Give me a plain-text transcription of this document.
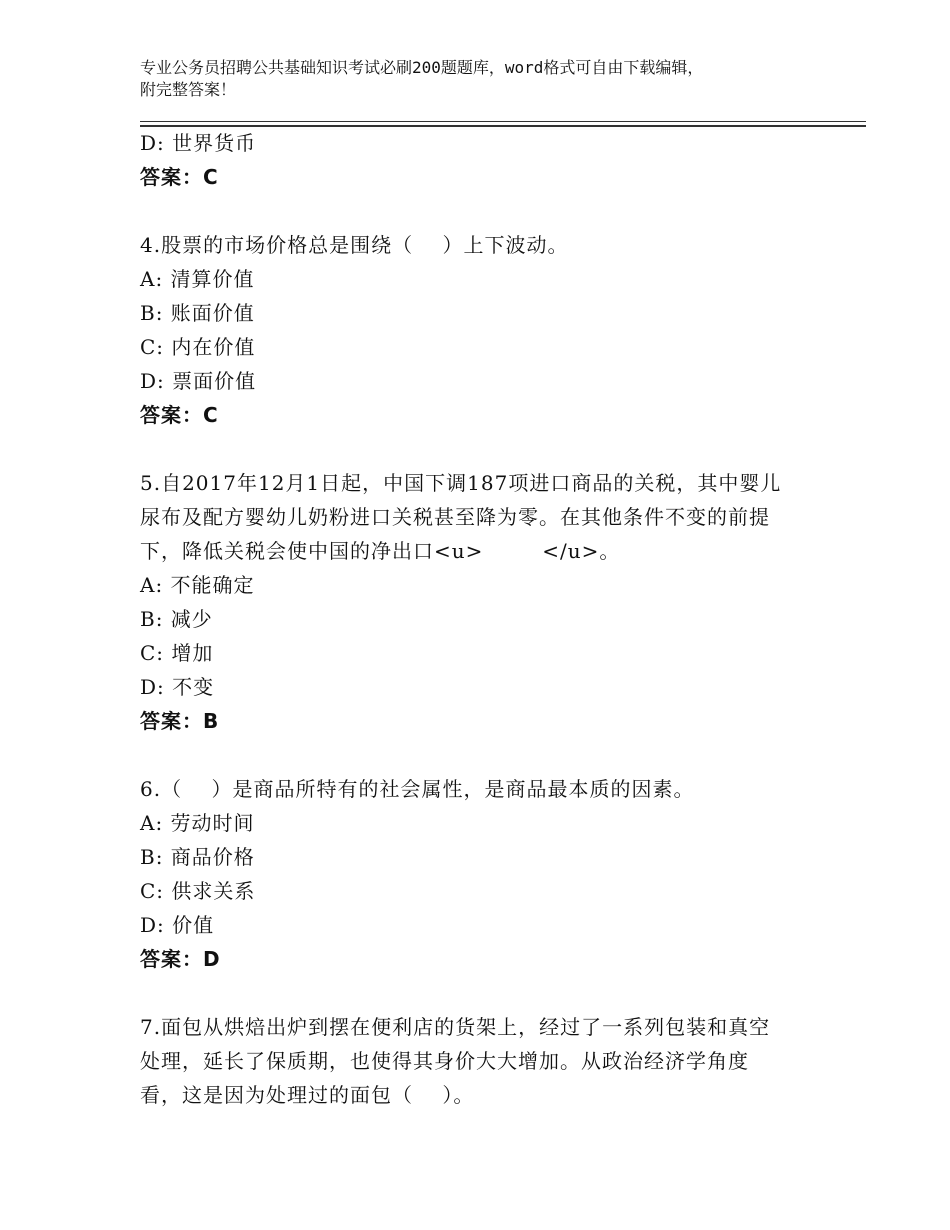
专业公务员招聘公共基础知识考试必刷200题题库，word格式可自由下载编辑，
附完整答案！
D: 世界货币
答案：C
4.股票的市场价格总是围绕（    ）上下波动。
A: 清算价值
B: 账面价值
C: 内在价值
D: 票面价值
答案：C
5.自2017年12月1日起，中国下调187项进口商品的关税，其中婴儿
尿布及配方婴幼儿奶粉进口关税甚至降为零。在其他条件不变的前提
下，降低关税会使中国的净出口<u>        </u>。
A: 不能确定
B: 减少
C: 增加
D: 不变
答案：B
6.（    ）是商品所特有的社会属性，是商品最本质的因素。
A: 劳动时间
B: 商品价格
C: 供求关系
D: 价值
答案：D
7.面包从烘焙出炉到摆在便利店的货架上，经过了一系列包装和真空
处理，延长了保质期，也使得其身价大大增加。从政治经济学角度
看，这是因为处理过的面包（    ）。
